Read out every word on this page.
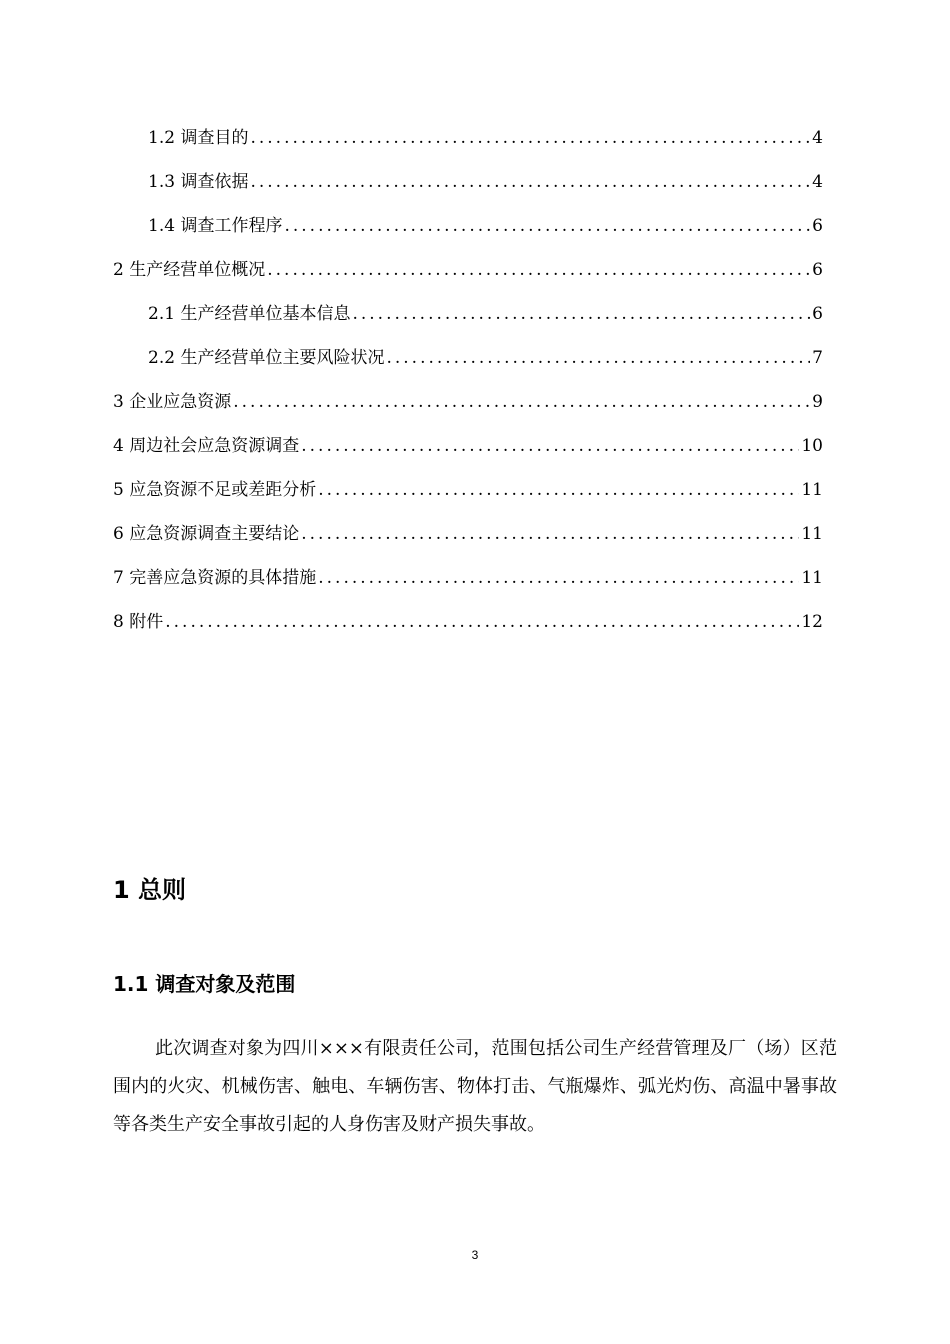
1.2 调查目的 .....	4
1.3 调查依据 .....	4
1.4 调查工作程序 .....	6
2 生产经营单位概况 .....	6
2.1 生产经营单位基本信息 .....	6
2.2 生产经营单位主要风险状况 .....	7
3 企业应急资源 .....	9
4 周边社会应急资源调查 .....	10
5 应急资源不足或差距分析 .....	11
6 应急资源调查主要结论 .....	11
7 完善应急资源的具体措施 .....	11
8 附件 .....	12
1 总则
1.1 调查对象及范围

此次调查对象为四川×××有限责任公司，范围包括公司生产经营管理及厂（场）区范围内的火灾、机械伤害、触电、车辆伤害、物体打击、气瓶爆炸、弧光灼伤、高温中暑事故等各类生产安全事故引起的人身伤害及财产损失事故。

3
